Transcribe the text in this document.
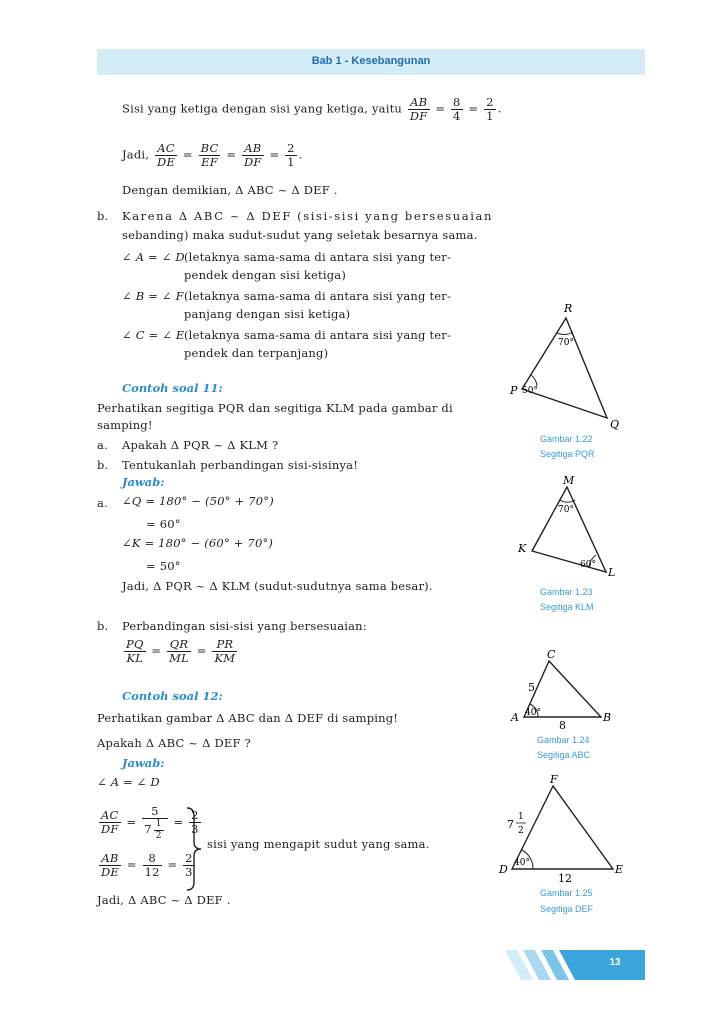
Bab 1 - Kesebangunan
Sisi yang ketiga dengan sisi yang ketiga, yaitu $\frac{AB}{DF} = \frac{8}{4} = \frac{2}{1}$ .
Jadi, $\frac{AC}{DE} = \frac{BC}{EF} = \frac{AB}{DF} = \frac{2}{1}$ .
Dengan demikian, Δ ABC ~ Δ DEF .
b. Karena Δ ABC ~ Δ DEF (sisi-sisi yang bersesuaian
sebanding) maka sudut-sudut yang seletak besarnya sama.
∠ A = ∠ D (letaknya sama-sama di antara sisi yang ter-
pendek dengan sisi ketiga)
∠ B = ∠ F (letaknya sama-sama di antara sisi yang ter-
panjang dengan sisi ketiga)
∠ C = ∠ E (letaknya sama-sama di antara sisi yang ter-
pendek dan terpanjang)
Contoh soal 11:
Perhatikan segitiga PQR dan segitiga KLM pada gambar di
samping!
a. Apakah Δ PQR ~ Δ KLM ?
b. Tentukanlah perbandingan sisi-sisinya!
Jawab:
a. ∠Q = 180° − (50° + 70°)
= 60°
∠K = 180° − (60° + 70°)
= 50°
Jadi, Δ PQR ~ Δ KLM (sudut-sudutnya sama besar).
b. Perbandingan sisi-sisi yang bersesuaian:
$\frac{PQ}{KL} = \frac{QR}{ML} = \frac{PR}{KM}$
Contoh soal 12:
Perhatikan gambar Δ ABC dan Δ DEF di samping!
Apakah Δ ABC ~ Δ DEF ?
Jawab:
∠ A = ∠ D
$\frac{AC}{DF} = \frac{5}{7 \frac{1}{2}} = \frac{2}{3}$
$\frac{AB}{DE} = \frac{8}{12} = \frac{2}{3}$
sisi yang mengapit sudut yang sama.
Jadi, Δ ABC ~ Δ DEF .
R
P
Q
70°
50°
Gambar 1.22
Segitiga PQR
M
K
L
70°
60°
Gambar 1.23
Segitiga KLM
C
A	B
5
8
40°
Gambar 1.24
Segitiga ABC
F
D	E
7
1
2
12
40°
Gambar 1.25
Segitiga DEF
13
